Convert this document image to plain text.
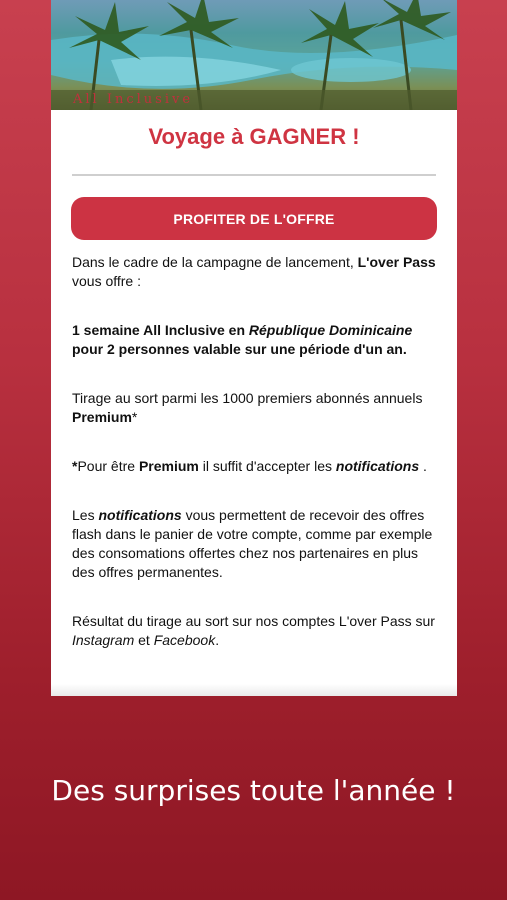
All Inclusive
Voyage à GAGNER !
PROFITER DE L'OFFRE

Dans le cadre de la campagne de lancement, L'over Pass vous offre :

1 semaine All Inclusive en République Dominicaine pour 2 personnes valable sur une période d'un an.

Tirage au sort parmi les 1000 premiers abonnés annuels Premium*

*Pour être Premium il suffit d'accepter les notifications .

Les notifications vous permettent de recevoir des offres flash dans le panier de votre compte, comme par exemple des consomations offertes chez nos partenaires en plus des offres permanentes.

Résultat du tirage au sort sur nos comptes L'over Pass sur Instagram et Facebook.

Des surprises toute l'année !
